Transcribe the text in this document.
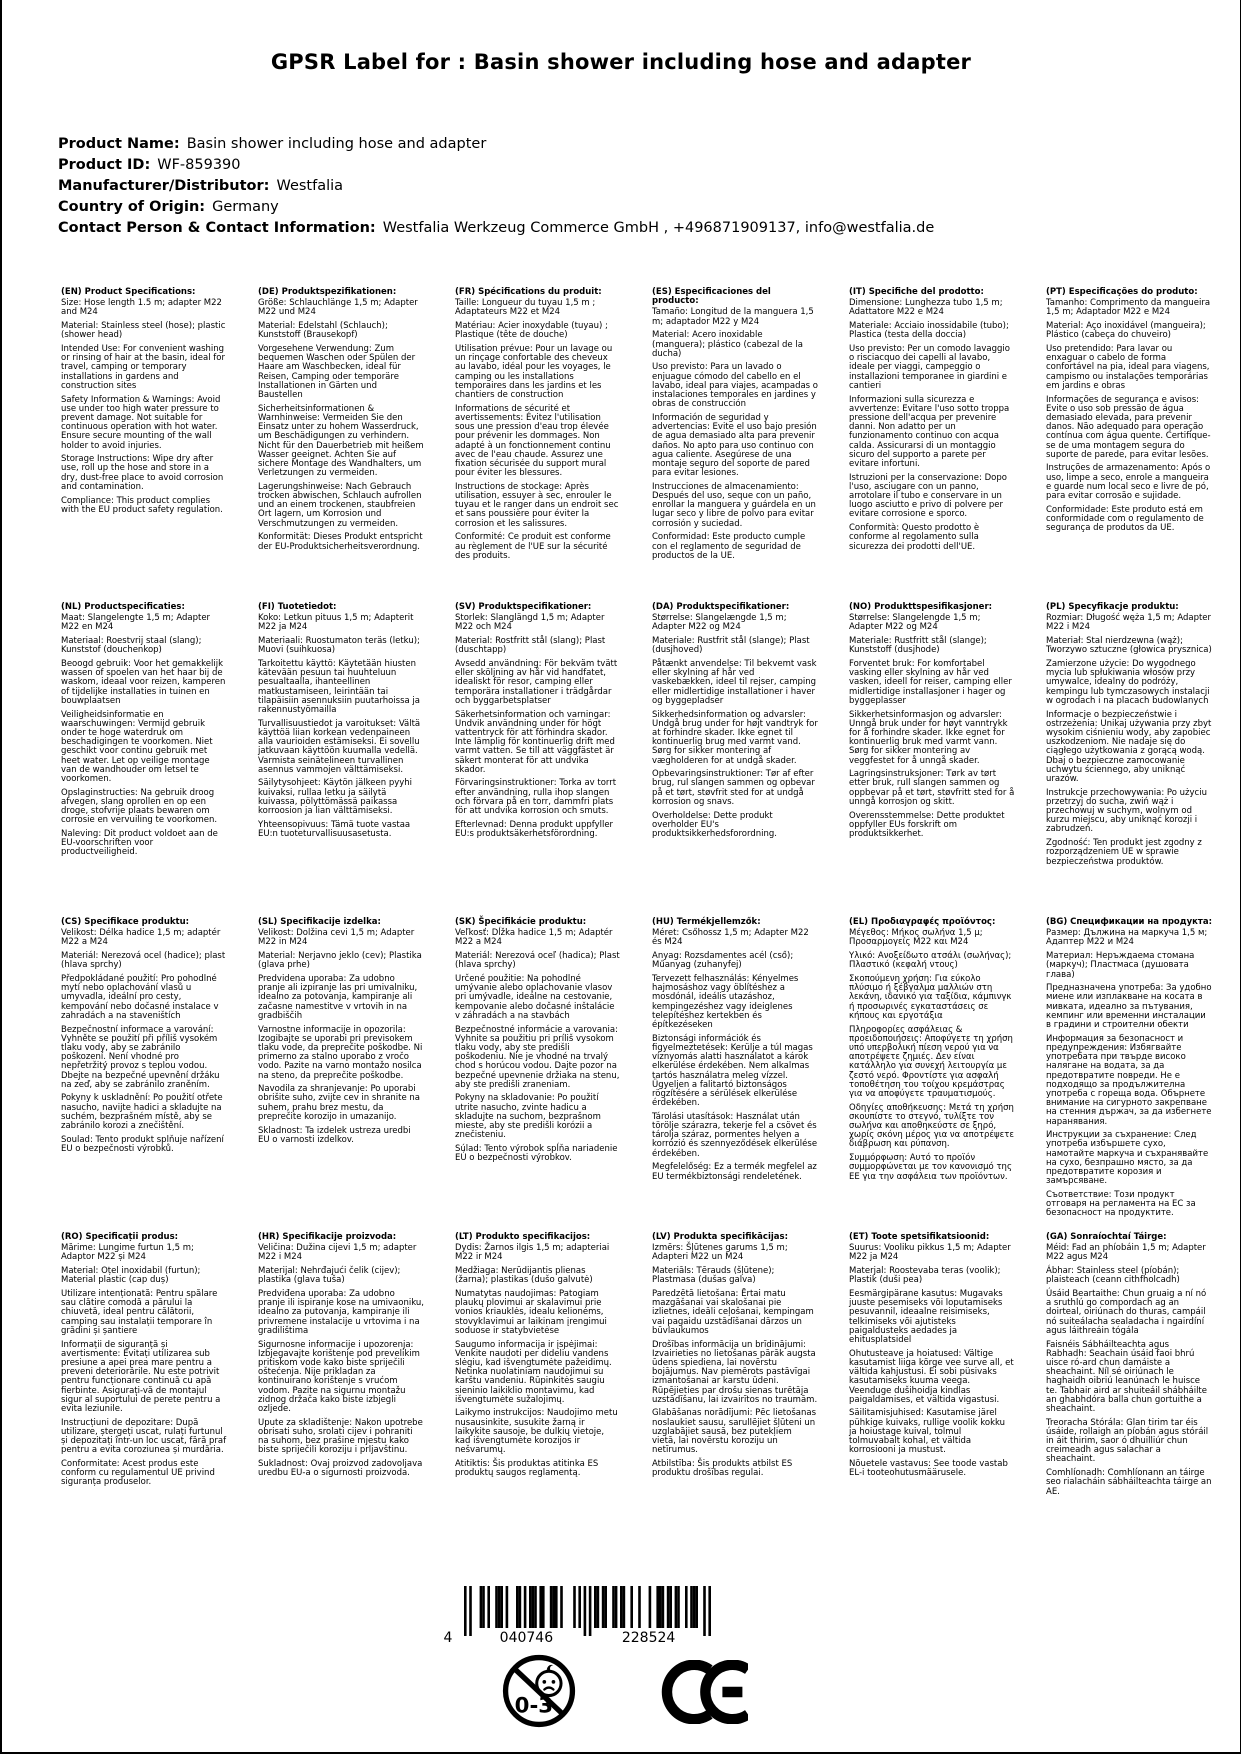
GPSR Label for : Basin shower including hose and adapter
Product Name: Basin shower including hose and adapter
Product ID: WF-859390
Manufacturer/Distributor: Westfalia
Country of Origin: Germany
Contact Person & Contact Information: Westfalia Werkzeug Commerce GmbH , +496871909137, info@westfalia.de
(EN) Product Specifications:

Size: Hose length 1.5 m; adapter M22 and M24

Material: Stainless steel (hose); plastic (shower head)

Intended Use: For convenient washing or rinsing of hair at the basin, ideal for travel, camping or temporary installations in gardens and construction sites

Safety Information & Warnings: Avoid use under too high water pressure to prevent damage. Not suitable for continuous operation with hot water. Ensure secure mounting of the wall holder to avoid injuries.

Storage Instructions: Wipe dry after use, roll up the hose and store in a dry, dust-free place to avoid corrosion and contamination.

Compliance: This product complies with the EU product safety regulation.

(DE) Produktspezifikationen:

Größe: Schlauchlänge 1,5 m; Adapter M22 und M24

Material: Edelstahl (Schlauch); Kunststoff (Brausekopf)

Vorgesehene Verwendung: Zum bequemen Waschen oder Spülen der Haare am Waschbecken, ideal für Reisen, Camping oder temporäre Installationen in Gärten und Baustellen

Sicherheitsinformationen & Warnhinweise: Vermeiden Sie den Einsatz unter zu hohem Wasserdruck, um Beschädigungen zu verhindern. Nicht für den Dauerbetrieb mit heißem Wasser geeignet. Achten Sie auf sichere Montage des Wandhalters, um Verletzungen zu vermeiden.

Lagerungshinweise: Nach Gebrauch trocken abwischen, Schlauch aufrollen und an einem trockenen, staubfreien Ort lagern, um Korrosion und Verschmutzungen zu vermeiden.

Konformität: Dieses Produkt entspricht der EU-Produktsicherheitsverordnung.

(FR) Spécifications du produit:

Taille: Longueur du tuyau 1,5 m ; Adaptateurs M22 et M24

Matériau: Acier inoxydable (tuyau) ; Plastique (tête de douche)

Utilisation prévue: Pour un lavage ou un rinçage confortable des cheveux au lavabo, idéal pour les voyages, le camping ou les installations temporaires dans les jardins et les chantiers de construction

Informations de sécurité et avertissements: Évitez l'utilisation sous une pression d'eau trop élevée pour prévenir les dommages. Non adapté à un fonctionnement continu avec de l'eau chaude. Assurez une fixation sécurisée du support mural pour éviter les blessures.

Instructions de stockage: Après utilisation, essuyer à sec, enrouler le tuyau et le ranger dans un endroit sec et sans poussière pour éviter la corrosion et les salissures.

Conformité: Ce produit est conforme au règlement de l'UE sur la sécurité des produits.

(ES) Especificaciones del producto:

Tamaño: Longitud de la manguera 1,5 m; adaptador M22 y M24

Material: Acero inoxidable (manguera); plástico (cabezal de la ducha)

Uso previsto: Para un lavado o enjuague cómodo del cabello en el lavabo, ideal para viajes, acampadas o instalaciones temporales en jardines y obras de construcción

Información de seguridad y advertencias: Evite el uso bajo presión de agua demasiado alta para prevenir daños. No apto para uso continuo con agua caliente. Asegúrese de una montaje seguro del soporte de pared para evitar lesiones.

Instrucciones de almacenamiento: Después del uso, seque con un paño, enrollar la manguera y guárdela en un lugar seco y libre de polvo para evitar corrosión y suciedad.

Conformidad: Este producto cumple con el reglamento de seguridad de productos de la UE.

(IT) Specifiche del prodotto:

Dimensione: Lunghezza tubo 1,5 m; Adattatore M22 e M24

Materiale: Acciaio inossidabile (tubo); Plastica (testa della doccia)

Uso previsto: Per un comodo lavaggio o risciacquo dei capelli al lavabo, ideale per viaggi, campeggio o installazioni temporanee in giardini e cantieri

Informazioni sulla sicurezza e avvertenze: Evitare l'uso sotto troppa pressione dell'acqua per prevenire danni. Non adatto per un funzionamento continuo con acqua calda. Assicurarsi di un montaggio sicuro del supporto a parete per evitare infortuni.

Istruzioni per la conservazione: Dopo l'uso, asciugare con un panno, arrotolare il tubo e conservare in un luogo asciutto e privo di polvere per evitare corrosione e sporco.

Conformità: Questo prodotto è conforme al regolamento sulla sicurezza dei prodotti dell'UE.

(PT) Especificações do produto:

Tamanho: Comprimento da mangueira 1,5 m; Adaptador M22 e M24

Material: Aço inoxidável (mangueira); Plástico (cabeça do chuveiro)

Uso pretendido: Para lavar ou enxaguar o cabelo de forma confortável na pia, ideal para viagens, campismo ou instalações temporárias em jardins e obras

Informações de segurança e avisos: Evite o uso sob pressão de água demasiado elevada, para prevenir danos. Não adequado para operação contínua com água quente. Certifique-se de uma montagem segura do suporte de parede, para evitar lesões.

Instruções de armazenamento: Após o uso, limpe a seco, enrole a mangueira e guarde num local seco e livre de pó, para evitar corrosão e sujidade.

Conformidade: Este produto está em conformidade com o regulamento de segurança de produtos da UE.

(NL) Productspecificaties:

Maat: Slangelengte 1,5 m; Adapter M22 en M24

Materiaal: Roestvrij staal (slang); Kunststof (douchenkop)

Beoogd gebruik: Voor het gemakkelijk wassen of spoelen van het haar bij de waskom, ideaal voor reizen, kamperen of tijdelijke installaties in tuinen en bouwplaatsen

Veiligheidsinformatie en waarschuwingen: Vermijd gebruik onder te hoge waterdruk om beschadigingen te voorkomen. Niet geschikt voor continu gebruik met heet water. Let op veilige montage van de wandhouder om letsel te voorkomen.

Opslaginstructies: Na gebruik droog afvegen, slang oprollen en op een droge, stofvrije plaats bewaren om corrosie en vervuiling te voorkomen.

Naleving: Dit product voldoet aan de EU-voorschriften voor productveiligheid.

(FI) Tuotetiedot:

Koko: Letkun pituus 1,5 m; Adapterit M22 ja M24

Materiaali: Ruostumaton teräs (letku); Muovi (suihkuosa)

Tarkoitettu käyttö: Käytetään hiusten kätevään pesuun tai huuhteluun pesualtaalla, ihanteellinen matkustamiseen, leirintään tai tilapäisiin asennuksiin puutarhoissa ja rakennustyömailla

Turvallisuustiedot ja varoitukset: Vältä käyttöä liian korkean vedenpaineen alla vaurioiden estämiseksi. Ei sovellu jatkuvaan käyttöön kuumalla vedellä. Varmista seinätelineen turvallinen asennus vammojen välttämiseksi.

Säilytysohjeet: Käytön jälkeen pyyhi kuivaksi, rullaa letku ja säilytä kuivassa, pölyttömässä paikassa korroosion ja lian välttämiseksi.

Yhteensopivuus: Tämä tuote vastaa EU:n tuoteturvallisuusasetusta.

(SV) Produktspecifikationer:

Storlek: Slanglängd 1,5 m; Adapter M22 och M24

Material: Rostfritt stål (slang); Plast (duschtapp)

Avsedd användning: För bekväm tvätt eller sköljning av hår vid handfatet, idealiskt för resor, camping eller temporära installationer i trädgårdar och byggarbetsplatser

Säkerhetsinformation och varningar: Undvik användning under för högt vattentryck för att förhindra skador. Inte lämplig för kontinuerlig drift med varmt vatten. Se till att väggfästet är säkert monterat för att undvika skador.

Förvaringsinstruktioner: Torka av torrt efter användning, rulla ihop slangen och förvara på en torr, dammfri plats för att undvika korrosion och smuts.

Efterlevnad: Denna produkt uppfyller EU:s produktsäkerhetsförordning.

(DA) Produktspecifikationer:

Størrelse: Slangelængde 1,5 m; Adapter M22 og M24

Materiale: Rustfrit stål (slange); Plast (dusjhoved)

Påtænkt anvendelse: Til bekvemt vask eller skylning af hår ved vaskebækken, ideel til rejser, camping eller midlertidige installationer i haver og byggepladser

Sikkerhedsinformation og advarsler: Undgå brug under for højt vandtryk for at forhindre skader. Ikke egnet til kontinuerlig brug med varmt vand. Sørg for sikker montering af vægholderen for at undgå skader.

Opbevaringsinstruktioner: Tør af efter brug, rul slangen sammen og opbevar på et tørt, støvfrit sted for at undgå korrosion og snavs.

Overholdelse: Dette produkt overholder EU's produktsikkerhedsforordning.

(NO) Produkttspesifikasjoner:

Størrelse: Slangelengde 1,5 m; Adapter M22 og M24

Materiale: Rustfritt stål (slange); Kunststoff (dusjhode)

Forventet bruk: For komfortabel vasking eller skylning av hår ved vasken, ideell for reiser, camping eller midlertidige installasjoner i hager og byggeplasser

Sikkerhetsinformasjon og advarsler: Unngå bruk under for høyt vanntrykk for å forhindre skader. Ikke egnet for kontinuerlig bruk med varmt vann. Sørg for sikker montering av veggfestet for å unngå skader.

Lagringsinstruksjoner: Tørk av tørt etter bruk, rull slangen sammen og oppbevar på et tørt, støvfritt sted for å unngå korrosjon og skitt.

Overensstemmelse: Dette produktet oppfyller EUs forskrift om produktsikkerhet.

(PL) Specyfikacje produktu:

Rozmiar: Długość węża 1,5 m; Adapter M22 i M24

Materiał: Stal nierdzewna (wąż); Tworzywo sztuczne (głowica prysznica)

Zamierzone użycie: Do wygodnego mycia lub spłukiwania włosów przy umywalce, idealny do podróży, kempingu lub tymczasowych instalacji w ogrodach i na placach budowlanych

Informacje o bezpieczeństwie i ostrzeżenia: Unikaj używania przy zbyt wysokim ciśnieniu wody, aby zapobiec uszkodzeniom. Nie nadaje się do ciągłego użytkowania z gorącą wodą. Dbaj o bezpieczne zamocowanie uchwytu ściennego, aby uniknąć urazów.

Instrukcje przechowywania: Po użyciu przetrzyj do sucha, zwiń wąż i przechowuj w suchym, wolnym od kurzu miejscu, aby uniknąć korozji i zabrudzeń.

Zgodność: Ten produkt jest zgodny z rozporządzeniem UE w sprawie bezpieczeństwa produktów.

(CS) Specifikace produktu:

Velikost: Délka hadice 1,5 m; adaptér M22 a M24

Materiál: Nerezová ocel (hadice); plast (hlava sprchy)

Předpokládané použití: Pro pohodlné mytí nebo oplachování vlasů u umyvadla, ideální pro cesty, kempování nebo dočasné instalace v zahradách a na staveništích

Bezpečnostní informace a varování: Vyhněte se použití při příliš vysokém tlaku vody, aby se zabránilo poškození. Není vhodné pro nepřetržitý provoz s teplou vodou. Dbejte na bezpečné upevnění držáku na zeď, aby se zabránilo zraněním.

Pokyny k uskladnění: Po použití otřete nasucho, navijte hadici a skladujte na suchém, bezprašném místě, aby se zabránilo korozi a znečištění.

Soulad: Tento produkt splňuje nařízení EU o bezpečnosti výrobků.

(SL) Specifikacije izdelka:

Velikost: Dolžina cevi 1,5 m; Adapter M22 in M24

Material: Nerjavno jeklo (cev); Plastika (glava prhe)

Predvidena uporaba: Za udobno pranje ali izpiranje las pri umivalniku, idealno za potovanja, kampiranje ali začasne namestitve v vrtovih in na gradbiščih

Varnostne informacije in opozorila: Izogibajte se uporabi pri previsokem tlaku vode, da preprečite poškodbe. Ni primerno za stalno uporabo z vročo vodo. Pazite na varno montažo nosilca na steno, da preprečite poškodbe.

Navodila za shranjevanje: Po uporabi obrišite suho, zvijte cev in shranite na suhem, prahu brez mestu, da preprečite korozijo in umazanijo.

Skladnost: Ta izdelek ustreza uredbi EU o varnosti izdelkov.

(SK) Špecifikácie produktu:

Veľkosť: Dĺžka hadice 1,5 m; Adaptér M22 a M24

Materiál: Nerezová oceľ (hadica); Plast (hlava sprchy)

Určené použitie: Na pohodlné umývanie alebo oplachovanie vlasov pri umývadle, ideálne na cestovanie, kempovanie alebo dočasné inštalácie v záhradách a na stavbách

Bezpečnostné informácie a varovania: Vyhnite sa použitiu pri príliš vysokom tlaku vody, aby ste predišli poškodeniu. Nie je vhodné na trvalý chod s horúcou vodou. Dajte pozor na bezpečné upevnenie držiaka na stenu, aby ste predišli zraneniam.

Pokyny na skladovanie: Po použití utrite nasucho, zvinte hadicu a skladujte na suchom, bezprašnom mieste, aby ste predišli korózii a znečisteniu.

Súlad: Tento výrobok spĺňa nariadenie EÚ o bezpečnosti výrobkov.

(HU) Termékjellemzők:

Méret: Csőhossz 1,5 m; Adapter M22 és M24

Anyag: Rozsdamentes acél (cső); Műanyag (zuhanyfej)

Tervezett felhasználás: Kényelmes hajmosáshoz vagy öblítéshez a mosdónál, ideális utazáshoz, kempingezéshez vagy ideiglenes telepítéshez kertekben és építkezéseken

Biztonsági információk és figyelmeztetések: Kerülje a túl magas víznyomás alatti használatot a károk elkerülése érdekében. Nem alkalmas tartós használatra meleg vízzel. Ügyeljen a falitartó biztonságos rögzítésére a sérülések elkerülése érdekében.

Tárolási utasítások: Használat után törölje szárazra, tekerje fel a csövet és tárolja száraz, pormentes helyen a korrózió és szennyeződések elkerülése érdekében.

Megfelelőség: Ez a termék megfelel az EU termékbiztonsági rendeletének.

(EL) Προδιαγραφές προϊόντος:

Μέγεθος: Μήκος σωλήνα 1,5 μ; Προσαρμογείς M22 και M24

Υλικό: Ανοξείδωτο ατσάλι (σωλήνας); Πλαστικό (κεφαλή ντους)

Σκοπούμενη χρήση: Για εύκολο πλύσιμο ή ξέβγαλμα μαλλιών στη λεκάνη, ιδανικό για ταξίδια, κάμπινγκ ή προσωρινές εγκαταστάσεις σε κήπους και εργοτάξια

Πληροφορίες ασφάλειας & προειδοποιήσεις: Αποφύγετε τη χρήση υπό υπερβολική πίεση νερού για να αποτρέψετε ζημιές. Δεν είναι κατάλληλο για συνεχή λειτουργία με ζεστό νερό. Φροντίστε για ασφαλή τοποθέτηση του τοίχου κρεμάστρας για να αποφύγετε τραυματισμούς.

Οδηγίες αποθήκευσης: Μετά τη χρήση σκουπίστε το στεγνό, τυλίξτε τον σωλήνα και αποθηκεύστε σε ξηρό, χωρίς σκόνη μέρος για να αποτρέψετε διάβρωση και ρύπανση.

Συμμόρφωση: Αυτό το προϊόν συμμορφώνεται με τον κανονισμό της ΕΕ για την ασφάλεια των προϊόντων.

(BG) Спецификации на продукта:

Размер: Дължина на маркуча 1,5 м; Адаптер M22 и M24

Материал: Неръждаема стомана (маркуч); Пластмаса (душовата глава)

Предназначена употреба: За удобно миене или изплакване на косата в мивката, идеално за пътувания, кемпинг или временни инсталации в градини и строителни обекти

Информация за безопасност и предупреждения: Избягвайте употребата при твърде високо налягане на водата, за да предотвратите повреди. Не е подходящо за продължителна употреба с гореща вода. Обърнете внимание на сигурното закрепване на стенния държач, за да избегнете наранявания.

Инструкции за съхранение: След употреба избършете сухо, намотайте маркуча и съхранявайте на сухо, безпрашно място, за да предотвратите корозия и замърсяване.

Съответствие: Този продукт отговаря на регламента на ЕС за безопасност на продуктите.

(RO) Specificații produs:

Mărime: Lungime furtun 1,5 m; Adaptor M22 și M24

Material: Oțel inoxidabil (furtun); Material plastic (cap duș)

Utilizare intenționată: Pentru spălare sau clătire comodă a părului la chiuvetă, ideal pentru călătorii, camping sau instalații temporare în grădini și șantiere

Informații de siguranță și avertismente: Evitați utilizarea sub presiune a apei prea mare pentru a preveni deteriorările. Nu este potrivit pentru funcționare continuă cu apă fierbinte. Asigurați-vă de montajul sigur al suportului de perete pentru a evita leziunile.

Instrucțiuni de depozitare: După utilizare, ștergeți uscat, rulați furtunul și depozitați într-un loc uscat, fără praf pentru a evita coroziunea și murdăria.

Conformitate: Acest produs este conform cu regulamentul UE privind siguranța produselor.

(HR) Specifikacije proizvoda:

Veličina: Dužina cijevi 1,5 m; adapter M22 i M24

Materijal: Nehrđajući čelik (cijev); plastika (glava tuša)

Predviđena uporaba: Za udobno pranje ili ispiranje kose na umivaoniku, idealno za putovanja, kampiranje ili privremene instalacije u vrtovima i na gradilištima

Sigurnosne informacije i upozorenja: Izbjegavajte korištenje pod prevelikim pritiskom vode kako biste spriječili oštećenja. Nije prikladan za kontinuirano korištenje s vrućom vodom. Pazite na sigurnu montažu zidnog držača kako biste izbjegli ozljede.

Upute za skladištenje: Nakon upotrebe obrisati suho, srolati cijev i pohraniti na suhom, bez prašine mjestu kako biste spriječili koroziju i prljavštinu.

Sukladnost: Ovaj proizvod zadovoljava uredbu EU-a o sigurnosti proizvoda.

(LT) Produkto specifikacijos:

Dydis: Žarnos ilgis 1,5 m; adapteriai M22 ir M24

Medžiaga: Nerūdijantis plienas (žarna); plastikas (dušo galvutė)

Numatytas naudojimas: Patogiam plaukų plovimui ar skalavimui prie vonios kriauklės, idealu kelionėms, stovyklavimui ar laikinam įrengimui soduose ir statybvietėse

Saugumo informacija ir įspėjimai: Venkite naudoti per dideliu vandens slėgiu, kad išvengtumėte pažeidimų. Netinka nuolatiniam naudojimui su karštu vandeniu. Rūpinkitės saugiu sieninio laikiklio montavimu, kad išvengtumėte sužalojimų.

Laikymo instrukcijos: Naudojimo metu nusausinkite, susukite žarną ir laikykite sausoje, be dulkių vietoje, kad išvengtumėte korozijos ir nešvarumų.

Atitiktis: Šis produktas atitinka ES produktų saugos reglamentą.

(LV) Produkta specifikācijas:

Izmērs: Šļūtenes garums 1,5 m; Adapteri M22 un M24

Materiāls: Tērauds (šļūtene); Plastmasa (dušas galva)

Paredzētā lietošana: Ērtai matu mazgāšanai vai skalošanai pie izlietnes, ideāli ceļošanai, kempingam vai pagaidu uzstādīšanai dārzos un būvlaukumos

Drošības informācija un brīdinājumi: Izvairieties no lietošanas pārāk augsta ūdens spiediena, lai novērstu bojājumus. Nav piemērots pastāvīgai izmantošanai ar karstu ūdeni. Rūpējieties par drošu sienas turētāja uzstādīšanu, lai izvairītos no traumām.

Glabāšanas norādījumi: Pēc lietošanas noslaukiet sausu, sarullējiet šļūteni un uzglabājiet sausā, bez putekļiem vietā, lai novērstu koroziju un netīrumus.

Atbilstība: Šis produkts atbilst ES produktu drošības regulai.

(ET) Toote spetsifikatsioonid:

Suurus: Vooliku pikkus 1,5 m; Adapter M22 ja M24

Materjal: Roostevaba teras (voolik); Plastik (duši pea)

Eesmärgipärane kasutus: Mugavaks juuste pesemiseks või loputamiseks pesuvannil, ideaalne reisimiseks, telkimiseks või ajutisteks paigaldusteks aedades ja ehitusplatsidel

Ohutusteave ja hoiatused: Vältige kasutamist liiga kõrge vee surve all, et vältida kahjustusi. Ei sobi püsivaks kasutamiseks kuuma veega. Veenduge dušihoidja kindlas paigaldamises, et vältida vigastusi.

Säilitamisjuhised: Kasutamise järel pühkige kuivaks, rullige voolik kokku ja hoiustage kuival, tolmul tolmuvabalt kohal, et vältida korrosiooni ja mustust.

Nõuetele vastavus: See toode vastab EL-i tooteohutusmäärusele.

(GA) Sonraíochtaí Táirge:

Méid: Fad an phíobáin 1,5 m; Adapter M22 agus M24

Ábhar: Stainless steel (píobán); plaisteach (ceann cithfholcadh)

Úsáid Beartaithe: Chun gruaig a ní nó a sruthlú go compordach ag an doirteal, oiriúnach do thuras, campáil nó suiteálacha sealadacha i ngairdíní agus láithreáin tógála

Faisnéis Sábháilteachta agus Rabhadh: Seachain úsáid faoi bhrú uisce ró-ard chun damáiste a sheachaint. Níl sé oiriúnach le haghaidh oibriú leanúnach le huisce te. Tabhair aird ar shuiteáil shábháilte an ghabhdóra balla chun gortuithe a sheachaint.

Treoracha Stórála: Glan tirim tar éis úsáide, rollaigh an píobán agus stóráil in áit thirim, saor ó dhuilliúr chun creimeadh agus salachar a sheachaint.

Comhlíonadh: Comhlíonann an táirge seo rialacháin sábháilteachta táirge an AE.

4	040746	228524
0-3
